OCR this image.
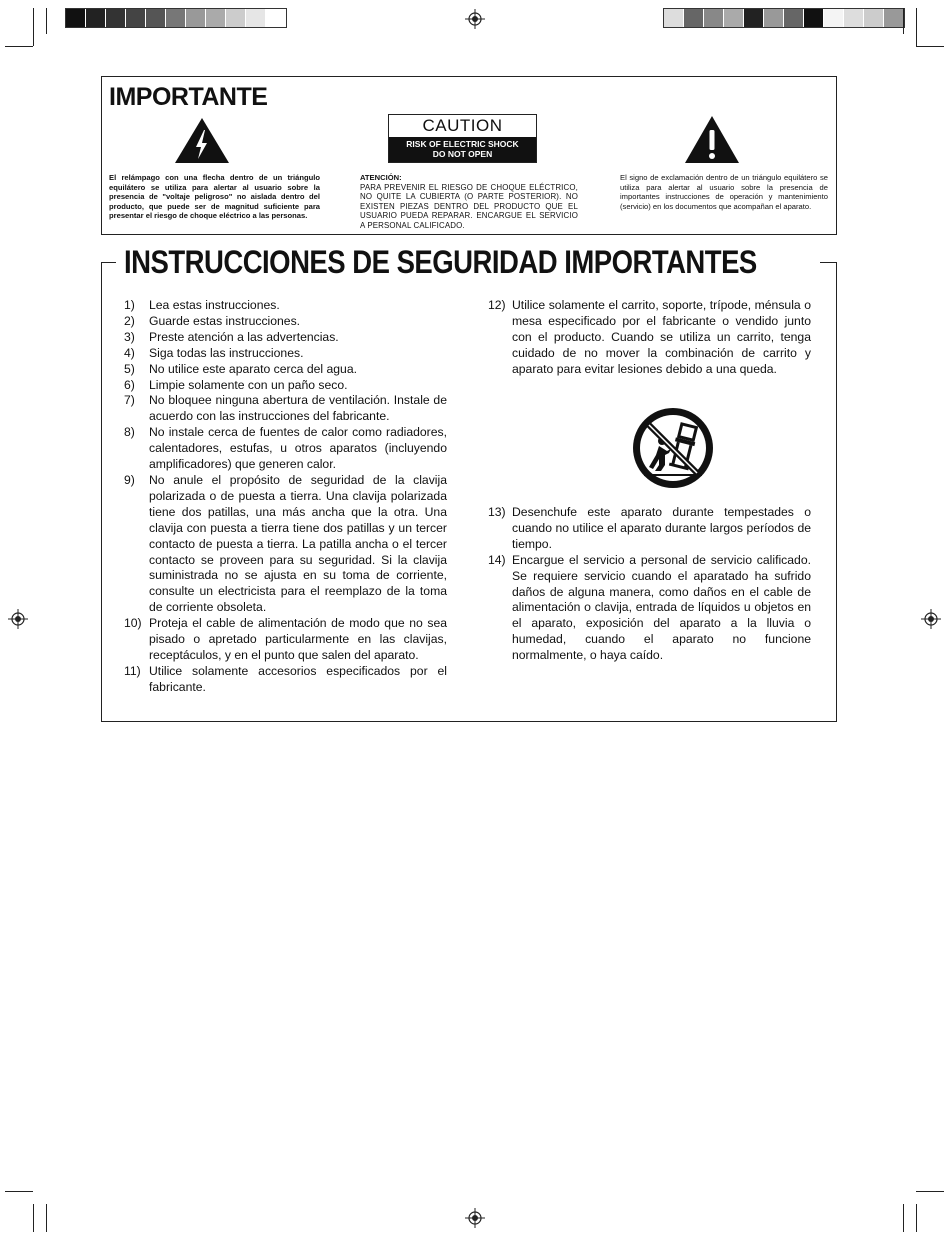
IMPORTANTE
El relámpago con una flecha dentro de un triángulo equilátero se utiliza para alertar al usuario sobre la presencia de "voltaje peligroso" no aislada dentro del producto, que puede ser de magnitud suficiente para presentar el riesgo de choque eléctrico a las personas.
CAUTION
RISK OF ELECTRIC SHOCK
DO NOT OPEN
ATENCIÓN:
PARA PREVENIR EL RIESGO DE CHOQUE ELÉCTRICO, NO QUITE LA CUBIERTA (O PARTE POSTERIOR). NO EXISTEN PIEZAS DENTRO DEL PRODUCTO QUE EL USUARIO PUEDA REPARAR. ENCARGUE EL SERVICIO A PERSONAL CALIFICADO.
El signo de exclamación dentro de un triángulo equilátero se utiliza para alertar al usuario sobre la presencia de importantes instrucciones de operación y mantenimiento (servicio) en los documentos que acompañan el aparato.
INSTRUCCIONES DE SEGURIDAD IMPORTANTES
1)	Lea estas instrucciones.
2)	Guarde estas instrucciones.
3)	Preste atención a las advertencias.
4)	Siga todas las instrucciones.
5)	No utilice este aparato cerca del agua.
6)	Limpie solamente con un paño seco.
7)	No bloquee ninguna abertura de ventilación. Instale de acuerdo con las instrucciones del fabricante.
8)	No instale cerca de fuentes de calor como radiadores, calentadores, estufas, u otros aparatos (incluyendo amplificadores) que generen calor.
9)	No anule el propósito de seguridad de la clavija polarizada o de puesta a tierra. Una clavija polarizada tiene dos patillas, una más ancha que la otra. Una clavija con puesta a tierra tiene dos patillas y un tercer contacto de puesta a tierra. La patilla ancha o el tercer contacto se proveen para su seguridad. Si la clavija suministrada no se ajusta en su toma de corriente, consulte un electricista para el reemplazo de la toma de corriente obsoleta.
10) Proteja el cable de alimentación de modo que no sea pisado o apretado particularmente en las clavijas, receptáculos, y en el punto que salen del aparato.
11) Utilice solamente accesorios especificados por el fabricante.
12) Utilice solamente el carrito, soporte, trípode, ménsula o mesa especificado por el fabricante o vendido junto con el producto. Cuando se utiliza un carrito, tenga cuidado de no mover la combinación de carrito y aparato para evitar lesiones debido a una queda.
13) Desenchufe este aparato durante tempestades o cuando no utilice el aparato durante largos períodos de tiempo.
14) Encargue el servicio a personal de servicio calificado. Se requiere servicio cuando el aparatado ha sufrido daños de alguna manera, como daños en el cable de alimentación o clavija, entrada de líquidos u objetos en el aparato, exposición del aparato a la lluvia o humedad, cuando el aparato no funcione normalmente, o haya caído.
